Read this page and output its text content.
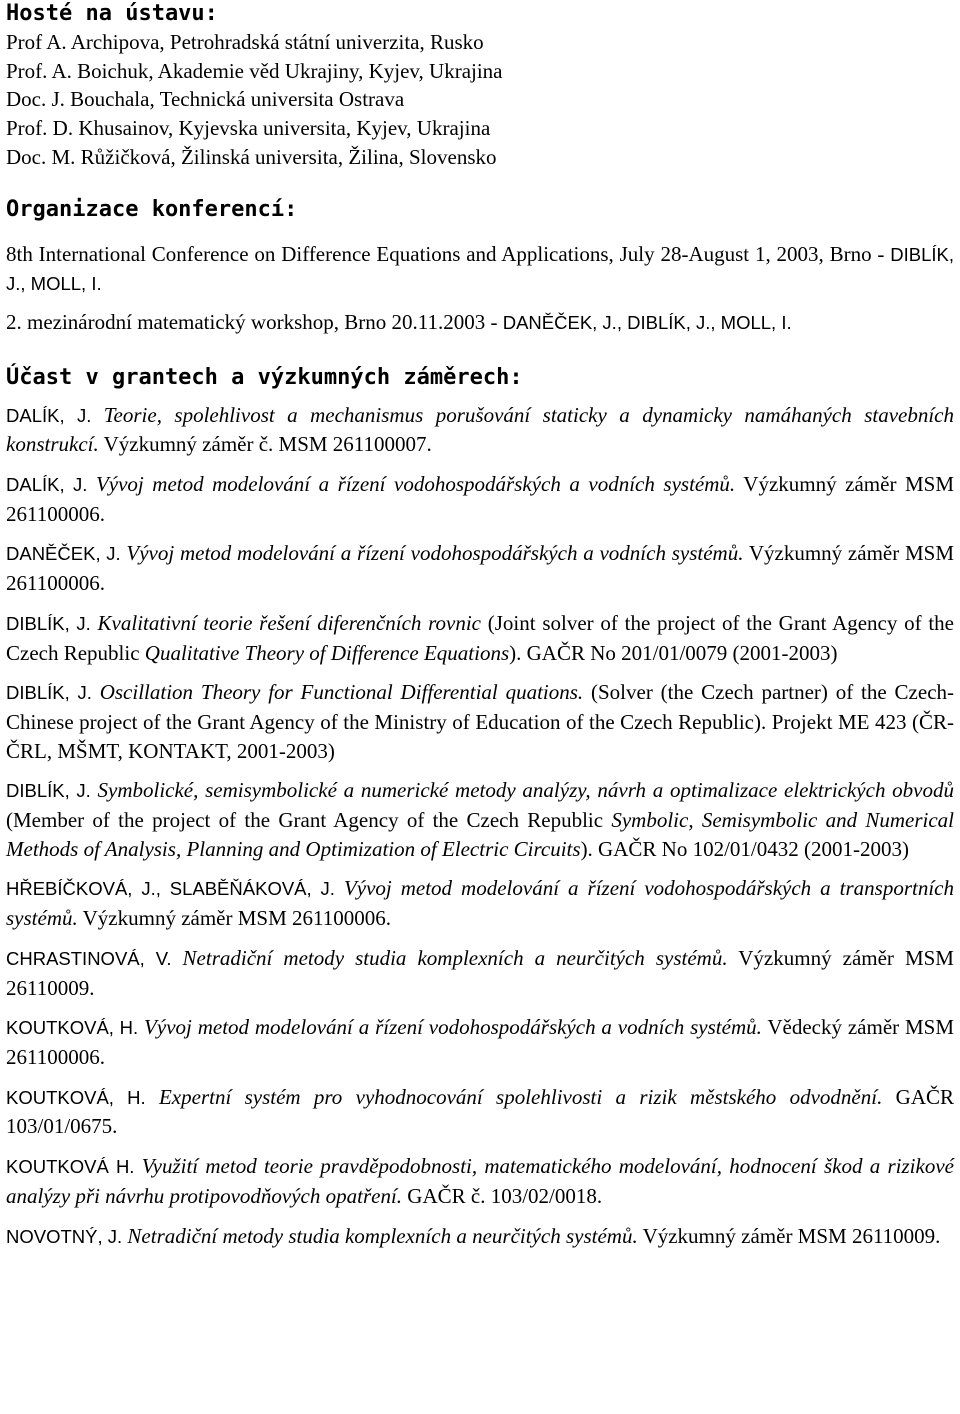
Hosté na ústavu:

Prof A. Archipova, Petrohradská státní univerzita, Rusko

Prof. A. Boichuk, Akademie věd Ukrajiny, Kyjev, Ukrajina

Doc. J. Bouchala, Technická universita Ostrava

Prof. D. Khusainov, Kyjevska universita, Kyjev, Ukrajina

Doc. M. Růžičková, Žilinská universita, Žilina, Slovensko

Organizace konferencí:

8th International Conference on Difference Equations and Applications, July 28-August 1, 2003, Brno - DIBLÍK, J., MOLL, I.

2. mezinárodní matematický workshop, Brno 20.11.2003 - DANĚČEK, J., DIBLÍK, J., MOLL, I.

Účast v grantech a výzkumných záměrech:

DALÍK, J. Teorie, spolehlivost a mechanismus porušování staticky a dynamicky namáhaných stavebních konstrukcí. Výzkumný záměr č. MSM 261100007.

DALÍK, J. Vývoj metod modelování a řízení vodohospodářských a vodních systémů. Výzkumný záměr MSM 261100006.

DANĚČEK, J. Vývoj metod modelování a řízení vodohospodářských a vodních systémů. Výzkumný záměr MSM 261100006.

DIBLÍK, J. Kvalitativní teorie řešení diferenčních rovnic (Joint solver of the project of the Grant Agency of the Czech Republic Qualitative Theory of Difference Equations). GAČR No 201/01/0079 (2001-2003)

DIBLÍK, J. Oscillation Theory for Functional Differential quations. (Solver (the Czech partner) of the Czech-Chinese project of the Grant Agency of the Ministry of Education of the Czech Republic). Projekt ME 423 (ČR-ČRL, MŠMT, KONTAKT, 2001-2003)

DIBLÍK, J. Symbolické, semisymbolické a numerické metody analýzy, návrh a optimalizace elektrických obvodů (Member of the project of the Grant Agency of the Czech Republic Symbolic, Semisymbolic and Numerical Methods of Analysis, Planning and Optimization of Electric Circuits). GAČR No 102/01/0432 (2001-2003)

HŘEBÍČKOVÁ, J., SLABĚŇÁKOVÁ, J. Vývoj metod modelování a řízení vodohospodářských a transportních systémů. Výzkumný záměr MSM 261100006.

CHRASTINOVÁ, V. Netradiční metody studia komplexních a neurčitých systémů. Výzkumný záměr MSM 26110009.

KOUTKOVÁ, H. Vývoj metod modelování a řízení vodohospodářských a vodních systémů. Vědecký záměr MSM 261100006.

KOUTKOVÁ, H. Expertní systém pro vyhodnocování spolehlivosti a rizik městského odvodnění. GAČR 103/01/0675.

KOUTKOVÁ H. Využití metod teorie pravděpodobnosti, matematického modelování, hodnocení škod a rizikové analýzy při návrhu protipovodňových opatření. GAČR č. 103/02/0018.

NOVOTNÝ, J. Netradiční metody studia komplexních a neurčitých systémů. Výzkumný záměr MSM 26110009.
